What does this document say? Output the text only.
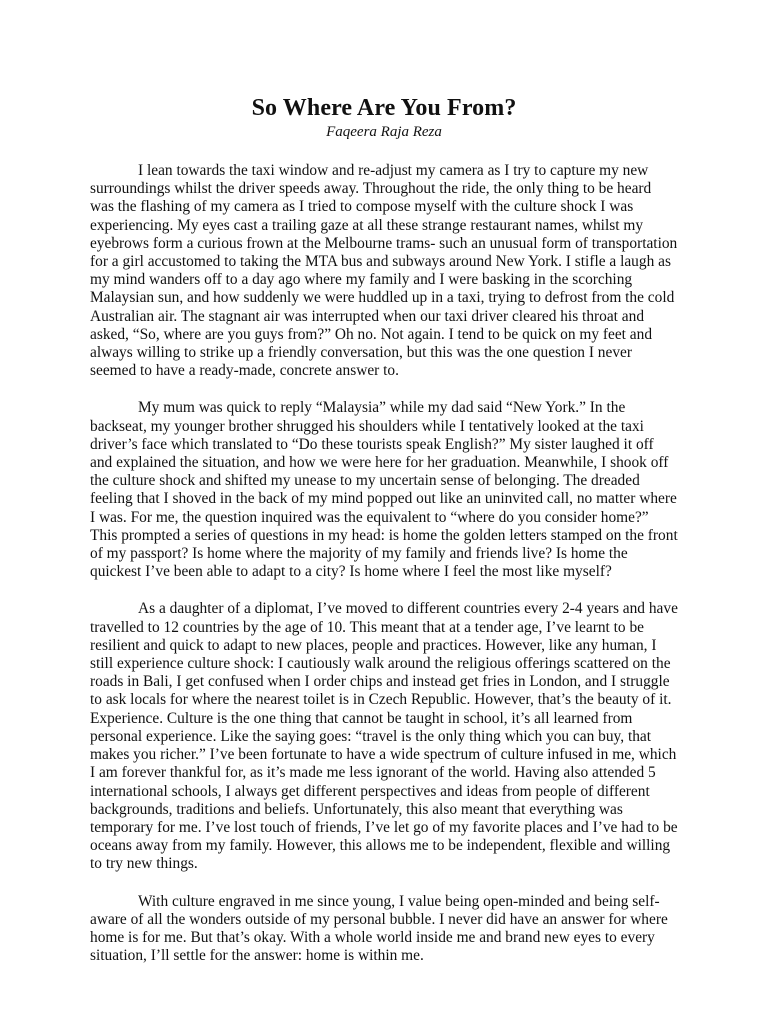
So Where Are You From?

Faqeera Raja Reza

I lean towards the taxi window and re-adjust my camera as I try to capture my new surroundings whilst the driver speeds away. Throughout the ride, the only thing to be heard was the flashing of my camera as I tried to compose myself with the culture shock I was experiencing. My eyes cast a trailing gaze at all these strange restaurant names, whilst my eyebrows form a curious frown at the Melbourne trams- such an unusual form of transportation for a girl accustomed to taking the MTA bus and subways around New York. I stifle a laugh as my mind wanders off to a day ago where my family and I were basking in the scorching Malaysian sun, and how suddenly we were huddled up in a taxi, trying to defrost from the cold Australian air. The stagnant air was interrupted when our taxi driver cleared his throat and asked, “So, where are you guys from?” Oh no. Not again. I tend to be quick on my feet and always willing to strike up a friendly conversation, but this was the one question I never seemed to have a ready-made, concrete answer to.

My mum was quick to reply “Malaysia” while my dad said “New York.” In the backseat, my younger brother shrugged his shoulders while I tentatively looked at the taxi driver’s face which translated to “Do these tourists speak English?” My sister laughed it off and explained the situation, and how we were here for her graduation. Meanwhile, I shook off the culture shock and shifted my unease to my uncertain sense of belonging. The dreaded feeling that I shoved in the back of my mind popped out like an uninvited call, no matter where I was. For me, the question inquired was the equivalent to “where do you consider home?” This prompted a series of questions in my head: is home the golden letters stamped on the front of my passport? Is home where the majority of my family and friends live? Is home the quickest I’ve been able to adapt to a city? Is home where I feel the most like myself?

As a daughter of a diplomat, I’ve moved to different countries every 2-4 years and have travelled to 12 countries by the age of 10. This meant that at a tender age, I’ve learnt to be resilient and quick to adapt to new places, people and practices. However, like any human, I still experience culture shock: I cautiously walk around the religious offerings scattered on the roads in Bali, I get confused when I order chips and instead get fries in London, and I struggle to ask locals for where the nearest toilet is in Czech Republic. However, that’s the beauty of it. Experience. Culture is the one thing that cannot be taught in school, it’s all learned from personal experience. Like the saying goes: “travel is the only thing which you can buy, that makes you richer.” I’ve been fortunate to have a wide spectrum of culture infused in me, which I am forever thankful for, as it’s made me less ignorant of the world. Having also attended 5 international schools, I always get different perspectives and ideas from people of different backgrounds, traditions and beliefs. Unfortunately, this also meant that everything was temporary for me. I’ve lost touch of friends, I’ve let go of my favorite places and I’ve had to be oceans away from my family. However, this allows me to be independent, flexible and willing to try new things.

With culture engraved in me since young, I value being open-minded and being self-aware of all the wonders outside of my personal bubble. I never did have an answer for where home is for me. But that’s okay. With a whole world inside me and brand new eyes to every situation, I’ll settle for the answer: home is within me.
